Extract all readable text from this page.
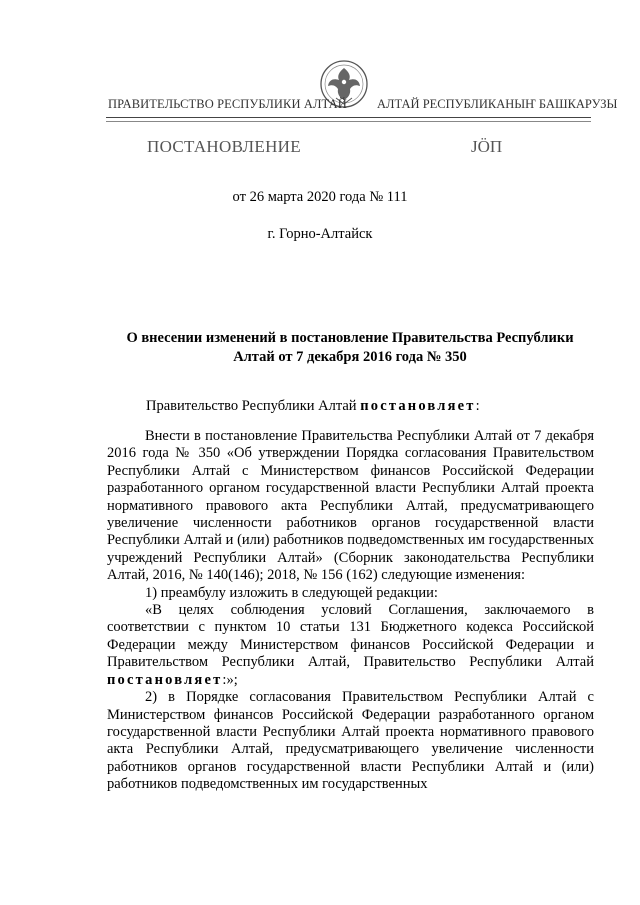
ПРАВИТЕЛЬСТВО РЕСПУБЛИКИ АЛТАЙ АЛТАЙ РЕСПУБЛИКАНЫҤ БАШКАРУЗЫ
ПОСТАНОВЛЕНИЕ	ЈӦП
от 26 марта 2020 года № 111
г. Горно-Алтайск
О внесении изменений в постановление Правительства Республики
Алтай от 7 декабря 2016 года № 350
Правительство Республики Алтай постановляет:

Внести в постановление Правительства Республики Алтай от 7 декабря 2016 года № 350 «Об утверждении Порядка согласования Правительством Республики Алтай с Министерством финансов Российской Федерации разработанного органом государственной власти Республики Алтай проекта нормативного правового акта Республики Алтай, предусматривающего увеличение численности работников органов государственной власти Республики Алтай и (или) работников подведомственных им государственных учреждений Республики Алтай» (Сборник законодательства Республики Алтай, 2016, № 140(146); 2018, № 156 (162) следующие изменения:

1) преамбулу изложить в следующей редакции:

«В целях соблюдения условий Соглашения, заключаемого в соответствии с пунктом 10 статьи 131 Бюджетного кодекса Российской Федерации между Министерством финансов Российской Федерации и Правительством Республики Алтай, Правительство Республики Алтай постановляет:»;

2) в Порядке согласования Правительством Республики Алтай с Министерством финансов Российской Федерации разработанного органом государственной власти Республики Алтай проекта нормативного правового акта Республики Алтай, предусматривающего увеличение численности работников органов государственной власти Республики Алтай и (или) работников подведомственных им государственных
